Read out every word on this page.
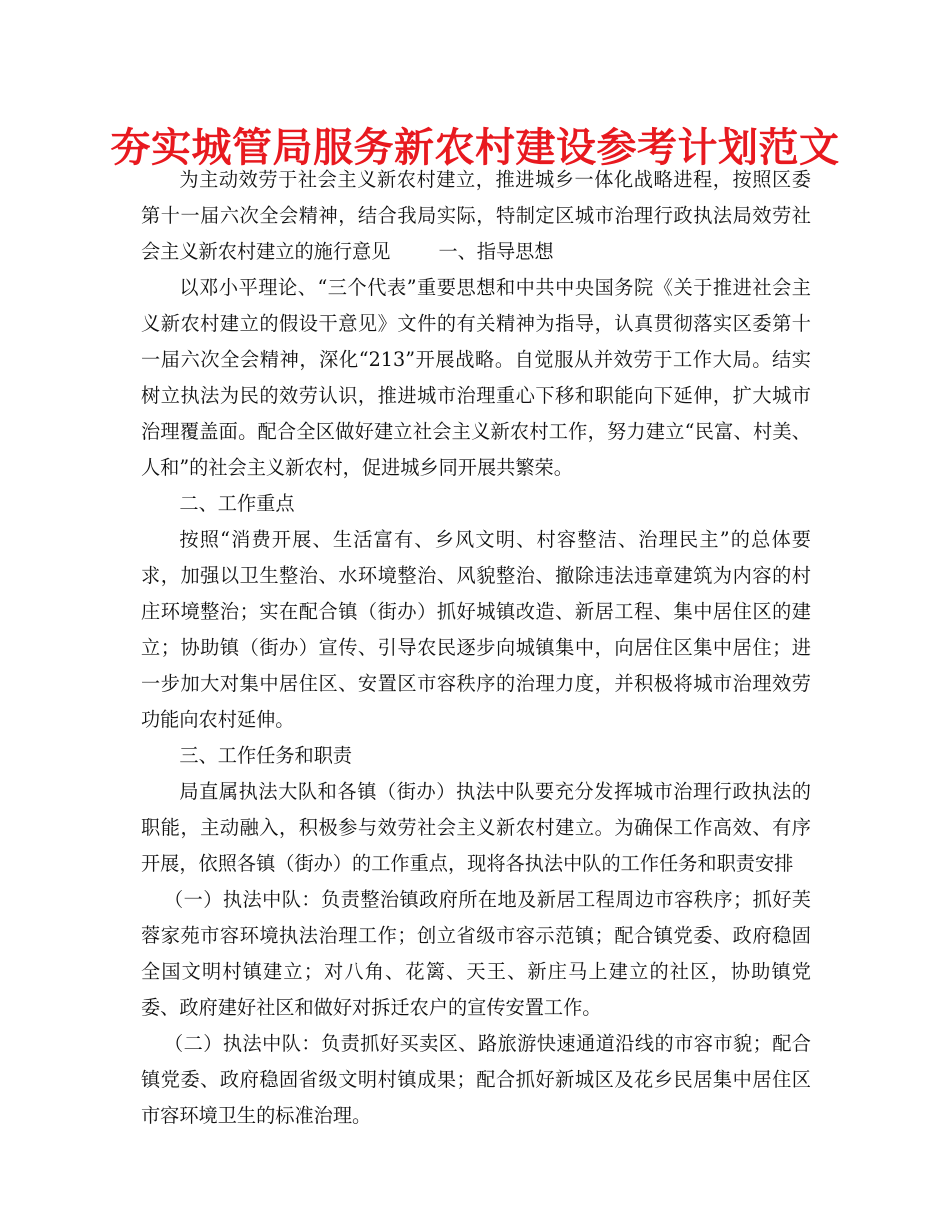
夯实城管局服务新农村建设参考计划范文

为主动效劳于社会主义新农村建立，推进城乡一体化战略进程，按照区委第十一届六次全会精神，结合我局实际，特制定区城市治理行政执法局效劳社会主义新农村建立的施行意见	一、指导思想

以邓小平理论、“三个代表”重要思想和中共中央国务院《关于推进社会主义新农村建立的假设干意见》文件的有关精神为指导，认真贯彻落实区委第十一届六次全会精神，深化“213”开展战略。自觉服从并效劳于工作大局。结实树立执法为民的效劳认识，推进城市治理重心下移和职能向下延伸，扩大城市治理覆盖面。配合全区做好建立社会主义新农村工作，努力建立“民富、村美、人和”的社会主义新农村，促进城乡同开展共繁荣。

二、工作重点

按照“消费开展、生活富有、乡风文明、村容整洁、治理民主”的总体要求，加强以卫生整治、水环境整治、风貌整治、撤除违法违章建筑为内容的村庄环境整治；实在配合镇（街办）抓好城镇改造、新居工程、集中居住区的建立；协助镇（街办）宣传、引导农民逐步向城镇集中，向居住区集中居住；进一步加大对集中居住区、安置区市容秩序的治理力度，并积极将城市治理效劳功能向农村延伸。

三、工作任务和职责

局直属执法大队和各镇（街办）执法中队要充分发挥城市治理行政执法的职能，主动融入，积极参与效劳社会主义新农村建立。为确保工作高效、有序开展，依照各镇（街办）的工作重点，现将各执法中队的工作任务和职责安排

（一）执法中队：负责整治镇政府所在地及新居工程周边市容秩序；抓好芙蓉家苑市容环境执法治理工作；创立省级市容示范镇；配合镇党委、政府稳固全国文明村镇建立；对八角、花篱、天王、新庄马上建立的社区，协助镇党委、政府建好社区和做好对拆迁农户的宣传安置工作。

（二）执法中队：负责抓好买卖区、路旅游快速通道沿线的市容市貌；配合镇党委、政府稳固省级文明村镇成果；配合抓好新城区及花乡民居集中居住区市容环境卫生的标准治理。
